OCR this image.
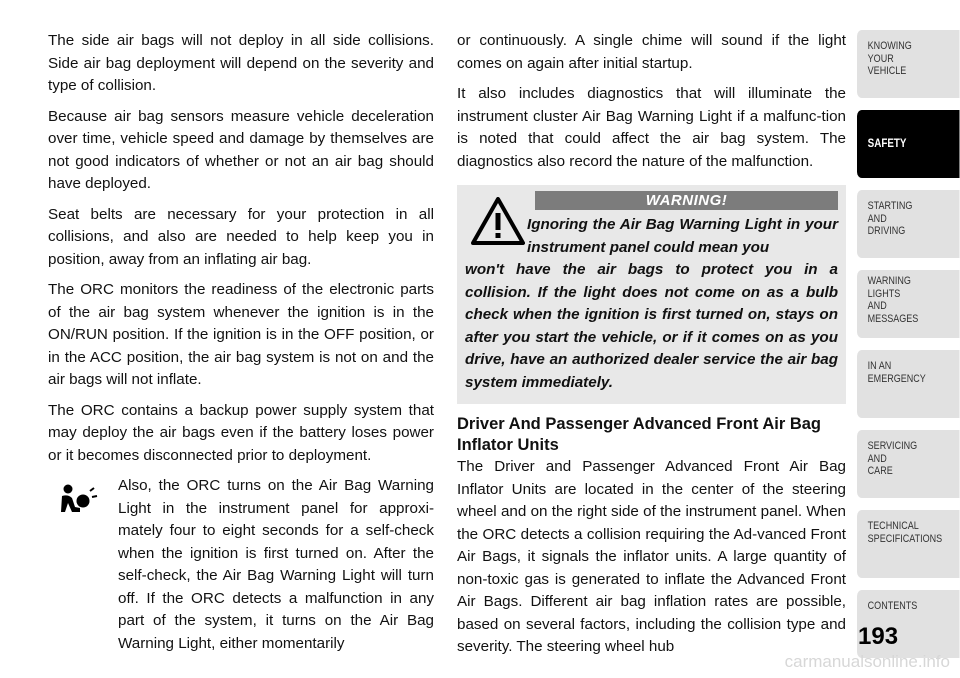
The side air bags will not deploy in all side collisions. Side air bag deployment will depend on the severity and type of collision.

Because air bag sensors measure vehicle deceleration over time, vehicle speed and damage by themselves are not good indicators of whether or not an air bag should have deployed.

Seat belts are necessary for your protection in all collisions, and also are needed to help keep you in position, away from an inflating air bag.

The ORC monitors the readiness of the electronic parts of the air bag system whenever the ignition is in the ON/RUN position. If the ignition is in the OFF position, or in the ACC position, the air bag system is not on and the air bags will not inflate.

The ORC contains a backup power supply system that may deploy the air bags even if the battery loses power or it becomes disconnected prior to deployment.

Also, the ORC turns on the Air Bag Warning Light in the instrument panel for approxi-mately four to eight seconds for a self-check when the ignition is first turned on. After the self-check, the Air Bag Warning Light will turn off. If the ORC detects a malfunction in any part of the system, it turns on the Air Bag Warning Light, either momentarily

or continuously. A single chime will sound if the light comes on again after initial startup.

It also includes diagnostics that will illuminate the instrument cluster Air Bag Warning Light if a malfunc-tion is noted that could affect the air bag system. The diagnostics also record the nature of the malfunction.

WARNING!
Ignoring the Air Bag Warning Light in your instrument panel could mean you
won't have the air bags to protect you in a collision. If the light does not come on as a bulb check when the ignition is first turned on, stays on after you start the vehicle, or if it comes on as you drive, have an authorized dealer service the air bag system immediately.
Driver And Passenger Advanced Front Air Bag Inflator Units

The Driver and Passenger Advanced Front Air Bag Inflator Units are located in the center of the steering wheel and on the right side of the instrument panel. When the ORC detects a collision requiring the Ad-vanced Front Air Bags, it signals the inflator units. A large quantity of non-toxic gas is generated to inflate the Advanced Front Air Bags. Different air bag inflation rates are possible, based on several factors, including the collision type and severity. The steering wheel hub

KNOWING
YOUR
VEHICLE
SAFETY
STARTING
AND
DRIVING
WARNING
LIGHTS
AND
MESSAGES
IN AN
EMERGENCY
SERVICING
AND
CARE
TECHNICAL
SPECIFICATIONS
CONTENTS
193
carmanualsonline.info
